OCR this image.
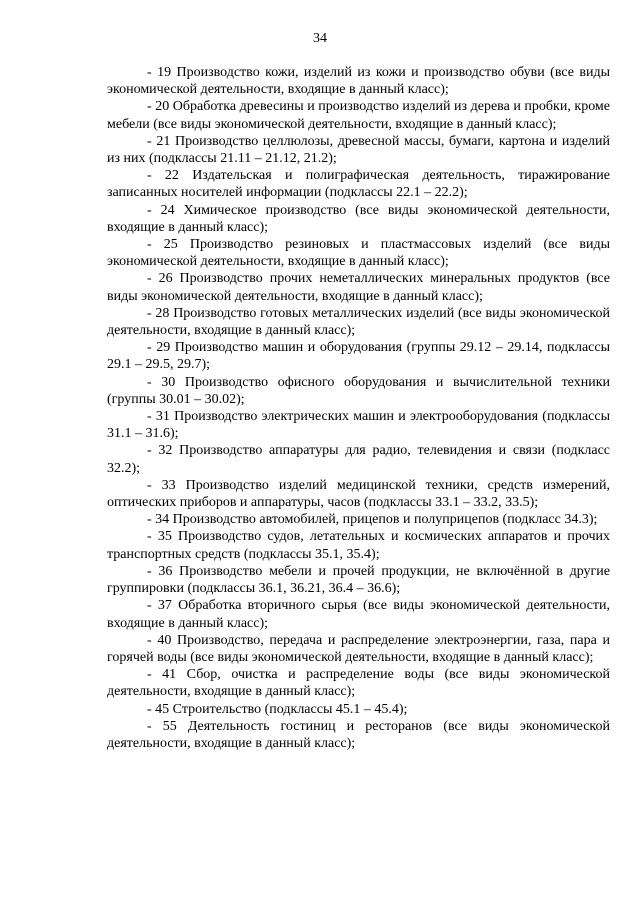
34

- 19 Производство кожи, изделий из кожи и производство обуви (все виды экономической деятельности, входящие в данный класс);

- 20 Обработка древесины и производство изделий из дерева и пробки, кроме мебели (все виды экономической деятельности, входящие в данный класс);

- 21 Производство целлюлозы, древесной массы, бумаги, картона и изделий из них (подклассы 21.11 – 21.12, 21.2);

- 22 Издательская и полиграфическая деятельность, тиражирование записанных носителей информации (подклассы 22.1 – 22.2);

- 24 Химическое производство (все виды экономической деятельности, входящие в данный класс);

- 25 Производство резиновых и пластмассовых изделий (все виды экономической деятельности, входящие в данный класс);

- 26 Производство прочих неметаллических минеральных продуктов (все виды экономической деятельности, входящие в данный класс);

- 28 Производство готовых металлических изделий (все виды экономической деятельности, входящие в данный класс);

- 29 Производство машин и оборудования (группы 29.12 – 29.14, подклассы 29.1 – 29.5, 29.7);

- 30 Производство офисного оборудования и вычислительной техники (группы 30.01 – 30.02);

- 31 Производство электрических машин и электрооборудования (подклассы 31.1 – 31.6);

- 32 Производство аппаратуры для радио, телевидения и связи (подкласс 32.2);

- 33 Производство изделий медицинской техники, средств измерений, оптических приборов и аппаратуры, часов (подклассы 33.1 – 33.2, 33.5);

- 34 Производство автомобилей, прицепов и полуприцепов (подкласс 34.3);

- 35 Производство судов, летательных и космических аппаратов и прочих транспортных средств (подклассы 35.1, 35.4);

- 36 Производство мебели и прочей продукции, не включённой в другие группировки (подклассы 36.1, 36.21, 36.4 – 36.6);

- 37 Обработка вторичного сырья (все виды экономической деятельности, входящие в данный класс);

- 40 Производство, передача и распределение электроэнергии, газа, пара и горячей воды (все виды экономической деятельности, входящие в данный класс);

- 41 Сбор, очистка и распределение воды (все виды экономической деятельности, входящие в данный класс);

- 45 Строительство (подклассы 45.1 – 45.4);

- 55 Деятельность гостиниц и ресторанов (все виды экономической деятельности, входящие в данный класс);
